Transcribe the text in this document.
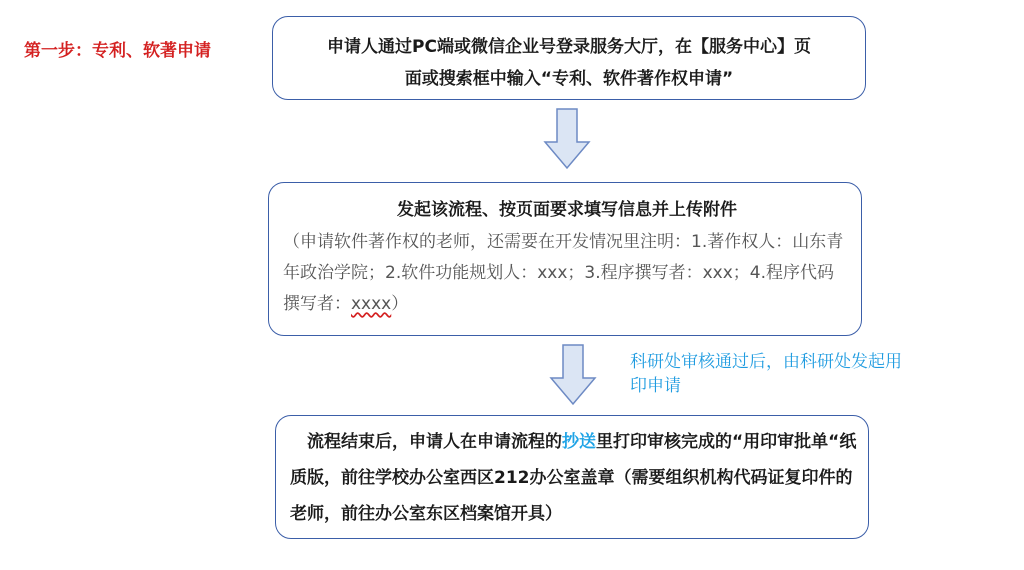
第一步：专利、软著申请	申请人通过PC端或微信企业号登录服务大厅，在【服务中心】页
面或搜索框中输入“专利、软件著作权申请”
发起该流程、按页面要求填写信息并上传附件
（申请软件著作权的老师，还需要在开发情况里注明：1.著作权人：山东青年政治学院；2.软件功能规划人：xxx；3.程序撰写者：xxx；4.程序代码撰写者：xxxx）
科研处审核通过后，由科研处发起用印申请
　流程结束后，申请人在申请流程的抄送里打印审核完成的“用印审批单“纸质版，前往学校办公室西区212办公室盖章（需要组织机构代码证复印件的老师，前往办公室东区档案馆开具）
